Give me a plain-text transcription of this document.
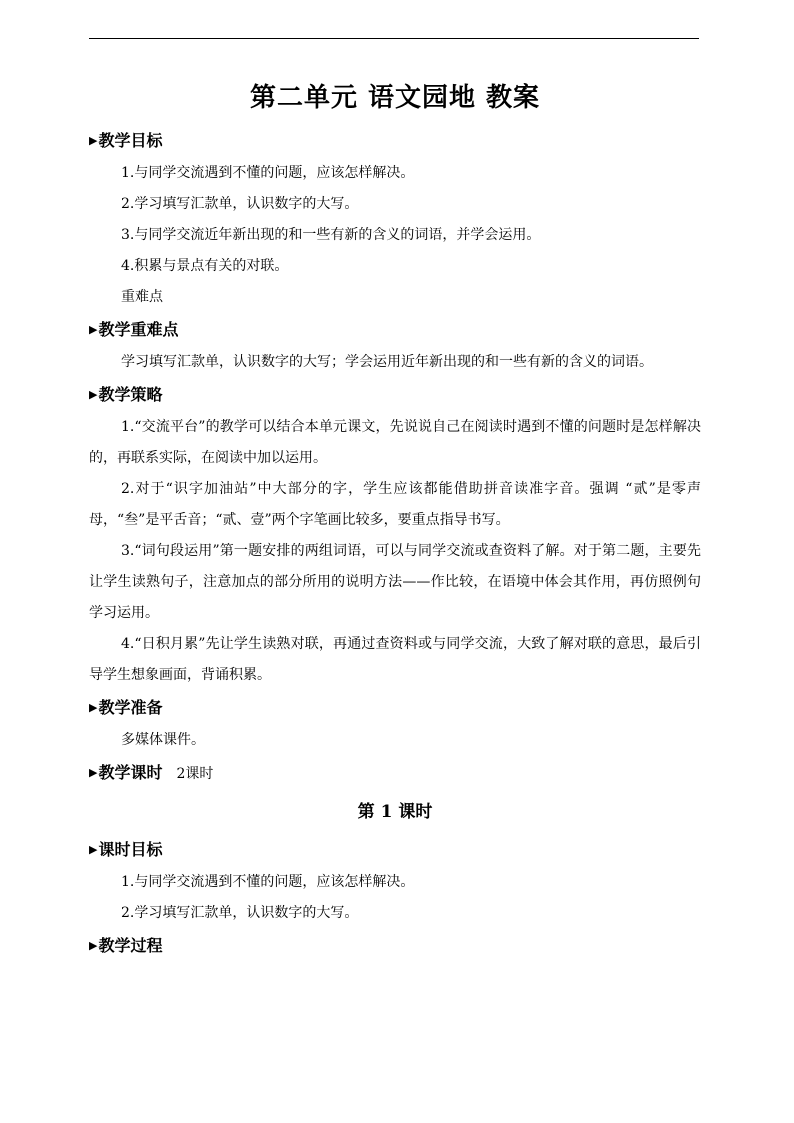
第二单元 语文园地 教案
▶教学目标

1.与同学交流遇到不懂的问题，应该怎样解决。

2.学习填写汇款单，认识数字的大写。

3.与同学交流近年新出现的和一些有新的含义的词语，并学会运用。

4.积累与景点有关的对联。

重难点

▶教学重难点

学习填写汇款单，认识数字的大写；学会运用近年新出现的和一些有新的含义的词语。

▶教学策略

1.“交流平台”的教学可以结合本单元课文，先说说自己在阅读时遇到不懂的问题时是怎样解决的，再联系实际，在阅读中加以运用。

2.对于“识字加油站”中大部分的字，学生应该都能借助拼音读准字音。强调 “贰”是零声母，“叁”是平舌音；“贰、壹”两个字笔画比较多，要重点指导书写。

3.“词句段运用”第一题安排的两组词语，可以与同学交流或查资料了解。对于第二题，主要先让学生读熟句子，注意加点的部分所用的说明方法——作比较，在语境中体会其作用，再仿照例句学习运用。

4.“日积月累”先让学生读熟对联，再通过查资料或与同学交流，大致了解对联的意思，最后引导学生想象画面，背诵积累。

▶教学准备

多媒体课件。

▶教学课时 2课时
第 1 课时
▶课时目标

1.与同学交流遇到不懂的问题，应该怎样解决。

2.学习填写汇款单，认识数字的大写。

▶教学过程
